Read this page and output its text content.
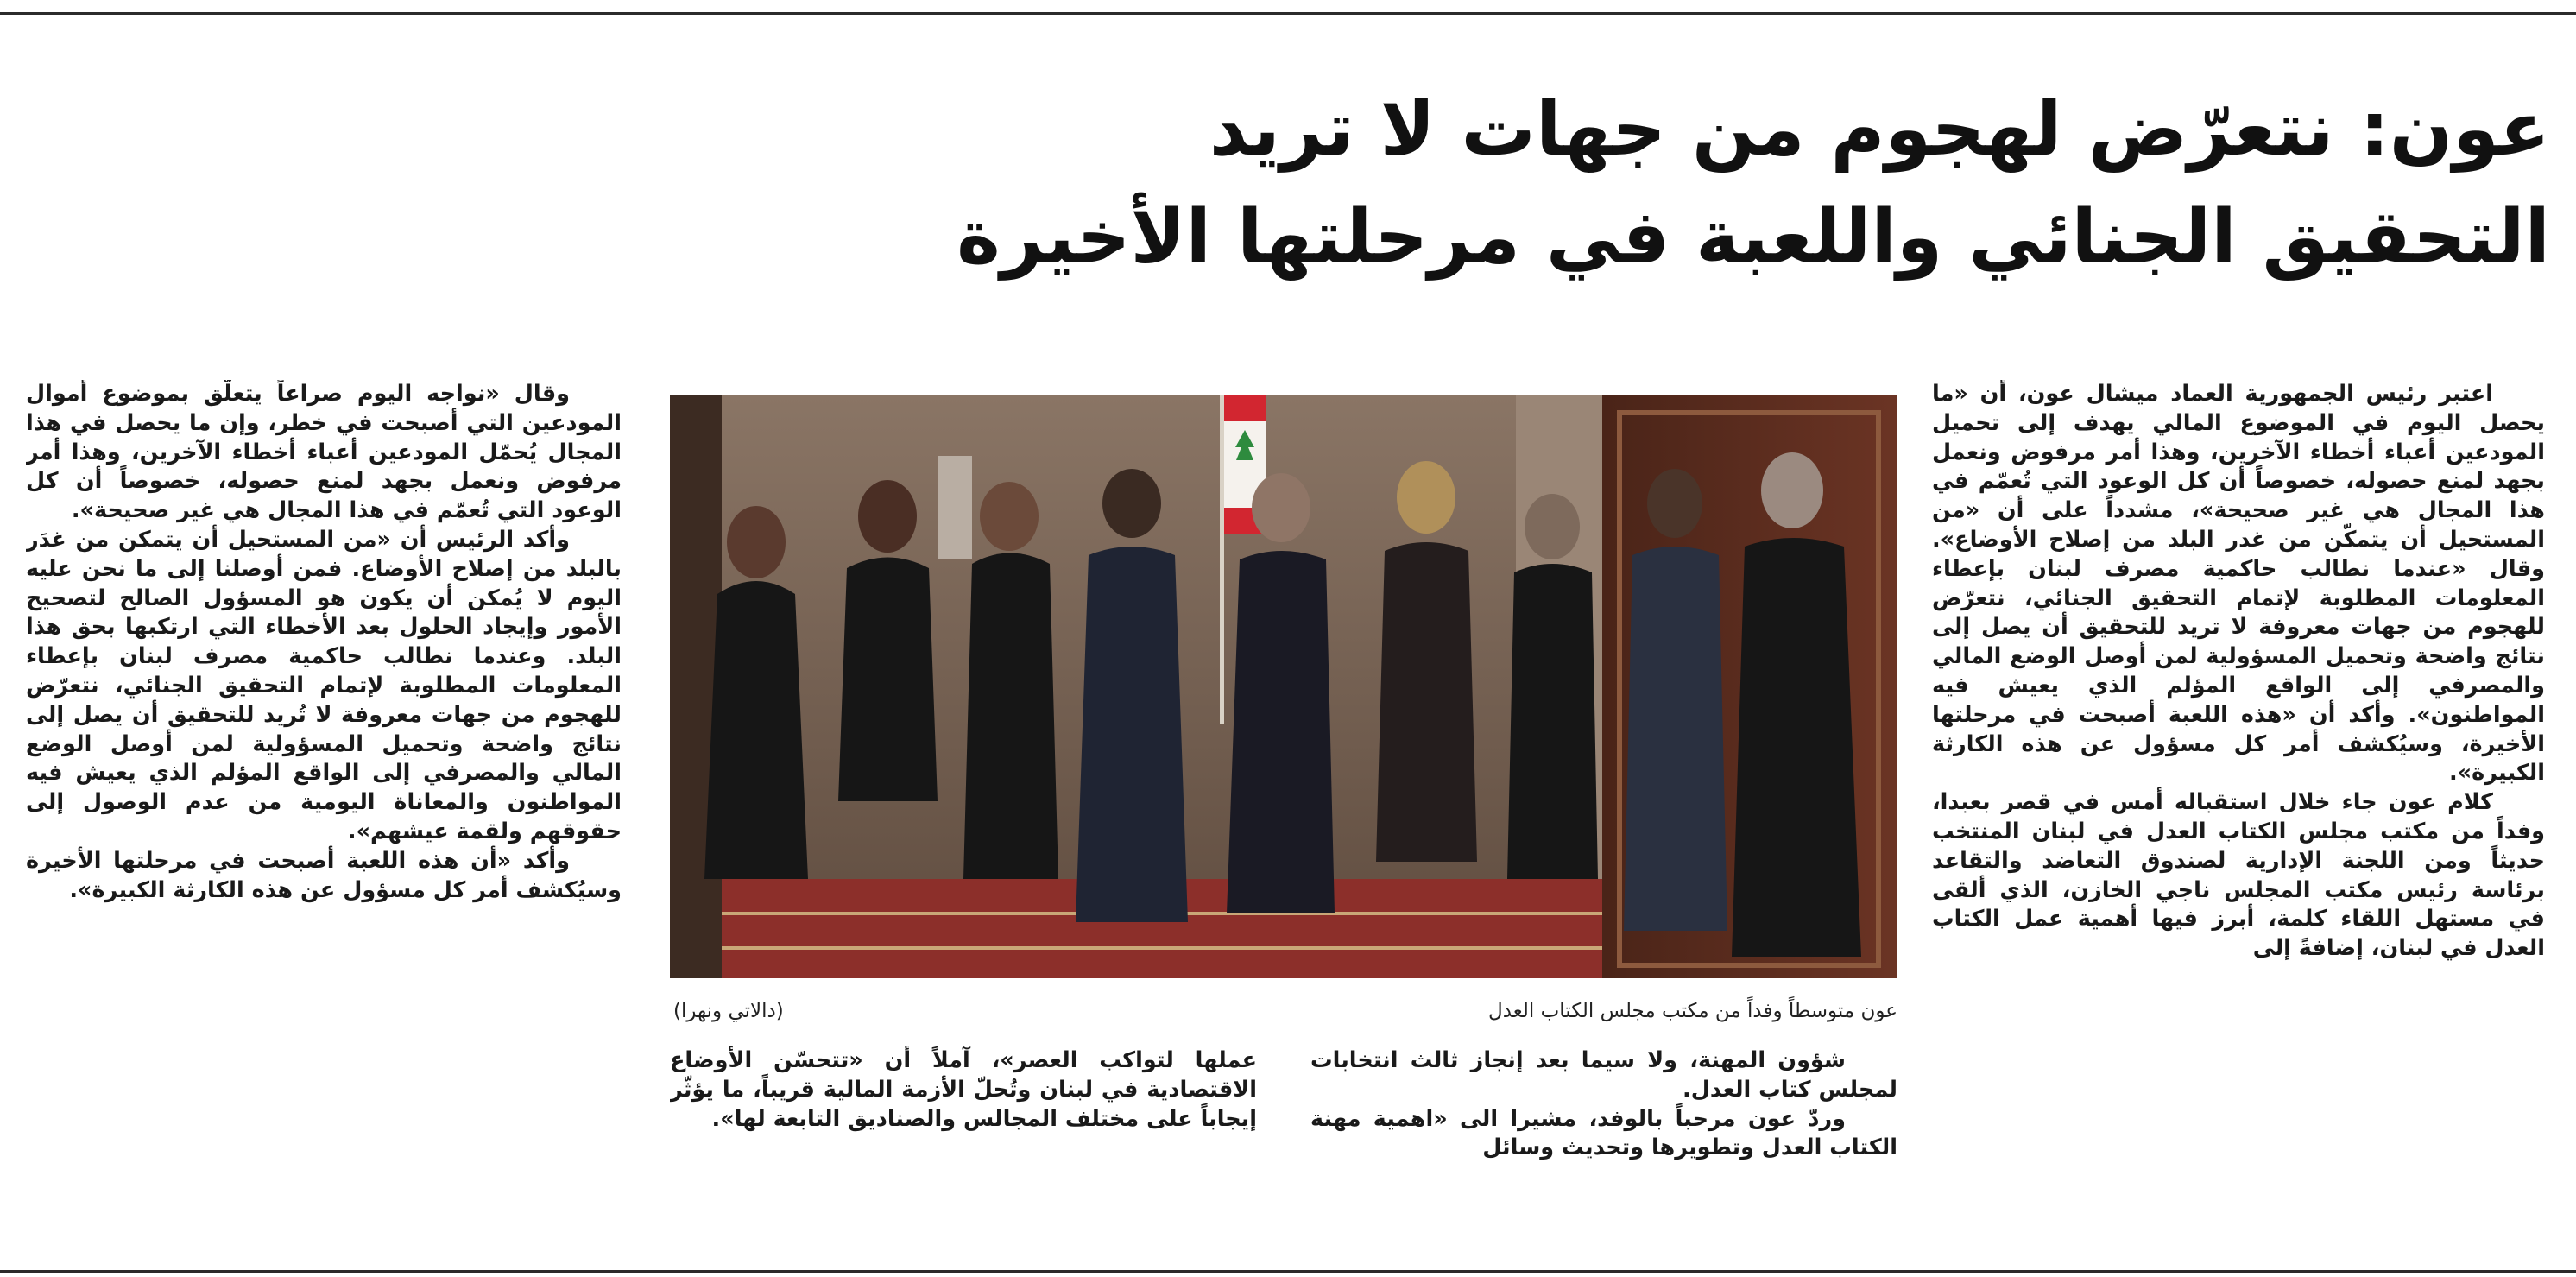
عون: نتعرّض لهجوم من جهات لا تريد
التحقيق الجنائي واللعبة في مرحلتها الأخيرة

اعتبر رئيس الجمهورية العماد ميشال عون، أن «ما يحصل اليوم في الموضوع المالي يهدف إلى تحميل المودعين أعباء أخطاء الآخرين، وهذا أمر مرفوض ونعمل بجهد لمنع حصوله، خصوصاً أن كل الوعود التي تُعمّم في هذا المجال هي غير صحيحة»، مشدداً على أن «من المستحيل أن يتمكّن من غدر البلد من إصلاح الأوضاع». وقال «عندما نطالب حاكمية مصرف لبنان بإعطاء المعلومات المطلوبة لإتمام التحقيق الجنائي، نتعرّض للهجوم من جهات معروفة لا تريد للتحقيق أن يصل إلى نتائج واضحة وتحميل المسؤولية لمن أوصل الوضع المالي والمصرفي إلى الواقع المؤلم الذي يعيش فيه المواطنون». وأكد أن «هذه اللعبة أصبحت في مرحلتها الأخيرة، وسيُكشف أمر كل مسؤول عن هذه الكارثة الكبيرة».

كلام عون جاء خلال استقباله أمس في قصر بعبدا، وفداً من مكتب مجلس الكتاب العدل في لبنان المنتخب حديثاً ومن اللجنة الإدارية لصندوق التعاضد والتقاعد برئاسة رئيس مكتب المجلس ناجي الخازن، الذي ألقى في مستهل اللقاء كلمة، أبرز فيها أهمية عمل الكتاب العدل في لبنان، إضافةً إلى

عون متوسطاً وفداً من مكتب مجلس الكتاب العدل
(دالاتي ونهرا)

شؤون المهنة، ولا سيما بعد إنجاز ثالث انتخابات لمجلس كتاب العدل.

وردّ عون مرحباً بالوفد، مشيرا الى «اهمية مهنة الكتاب العدل وتطويرها وتحديث وسائل

عملها لتواكب العصر»، آملاً أن «تتحسّن الأوضاع الاقتصادية في لبنان وتُحلّ الأزمة المالية قريباً، ما يؤثّر إيجاباً على مختلف المجالس والصناديق التابعة لها».

وقال «نواجه اليوم صراعاً يتعلّق بموضوع أموال المودعين التي أصبحت في خطر، وإن ما يحصل في هذا المجال يُحمّل المودعين أعباء أخطاء الآخرين، وهذا أمر مرفوض ونعمل بجهد لمنع حصوله، خصوصاً أن كل الوعود التي تُعمّم في هذا المجال هي غير صحيحة».

وأكد الرئيس أن «من المستحيل أن يتمكن من غدَر بالبلد من إصلاح الأوضاع. فمن أوصلنا إلى ما نحن عليه اليوم لا يُمكن أن يكون هو المسؤول الصالح لتصحيح الأمور وإيجاد الحلول بعد الأخطاء التي ارتكبها بحق هذا البلد. وعندما نطالب حاكمية مصرف لبنان بإعطاء المعلومات المطلوبة لإتمام التحقيق الجنائي، نتعرّض للهجوم من جهات معروفة لا تُريد للتحقيق أن يصل إلى نتائج واضحة وتحميل المسؤولية لمن أوصل الوضع المالي والمصرفي إلى الواقع المؤلم الذي يعيش فيه المواطنون والمعاناة اليومية من عدم الوصول إلى حقوقهم ولقمة عيشهم».

وأكد «أن هذه اللعبة أصبحت في مرحلتها الأخيرة وسيُكشف أمر كل مسؤول عن هذه الكارثة الكبيرة».
